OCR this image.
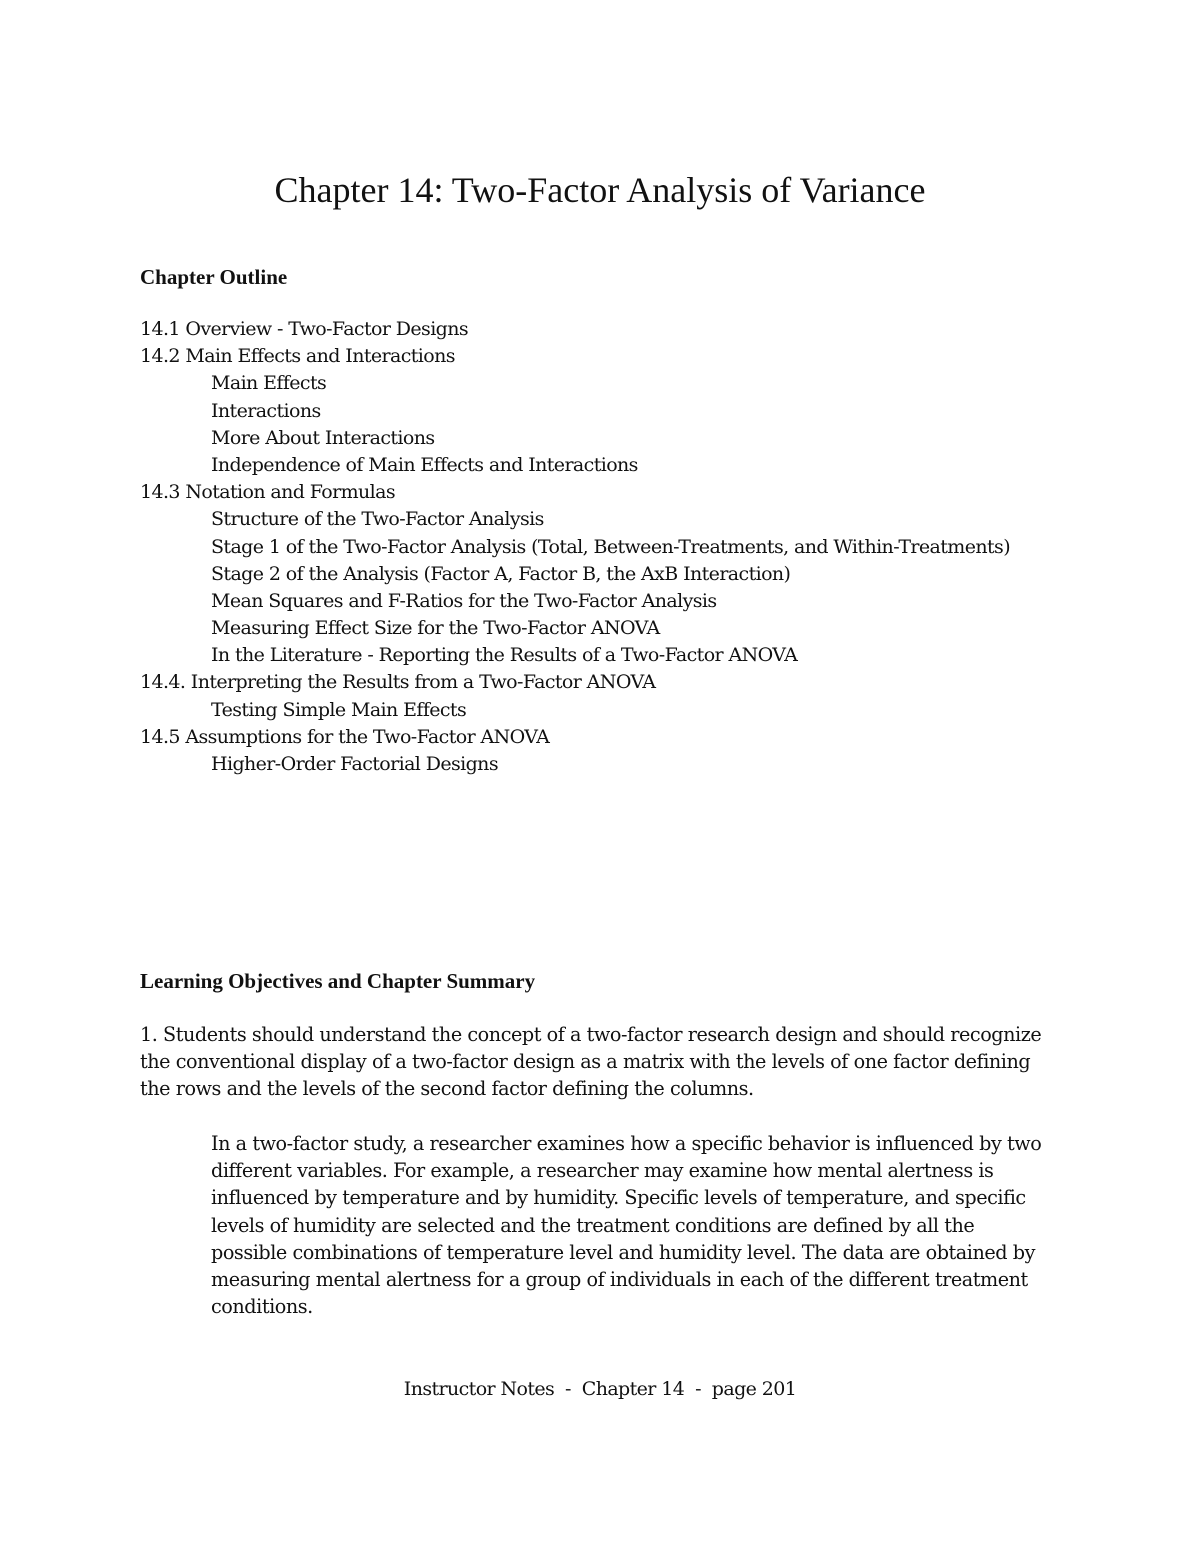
Chapter 14: Two-Factor Analysis of Variance
Chapter Outline
14.1 Overview - Two-Factor Designs
14.2 Main Effects and Interactions
Main Effects
Interactions
More About Interactions
Independence of Main Effects and Interactions
14.3 Notation and Formulas
Structure of the Two-Factor Analysis
Stage 1 of the Two-Factor Analysis (Total, Between-Treatments, and Within-Treatments)
Stage 2 of the Analysis (Factor A, Factor B, the AxB Interaction)
Mean Squares and F-Ratios for the Two-Factor Analysis
Measuring Effect Size for the Two-Factor ANOVA
In the Literature - Reporting the Results of a Two-Factor ANOVA
14.4. Interpreting the Results from a Two-Factor ANOVA
Testing Simple Main Effects
14.5 Assumptions for the Two-Factor ANOVA
Higher-Order Factorial Designs
Learning Objectives and Chapter Summary
1. Students should understand the concept of a two-factor research design and should recognize
the conventional display of a two-factor design as a matrix with the levels of one factor defining
the rows and the levels of the second factor defining the columns.
In a two-factor study, a researcher examines how a specific behavior is influenced by two
different variables. For example, a researcher may examine how mental alertness is
influenced by temperature and by humidity. Specific levels of temperature, and specific
levels of humidity are selected and the treatment conditions are defined by all the
possible combinations of temperature level and humidity level. The data are obtained by
measuring mental alertness for a group of individuals in each of the different treatment
conditions.
Instructor Notes  -  Chapter 14  -  page 201
